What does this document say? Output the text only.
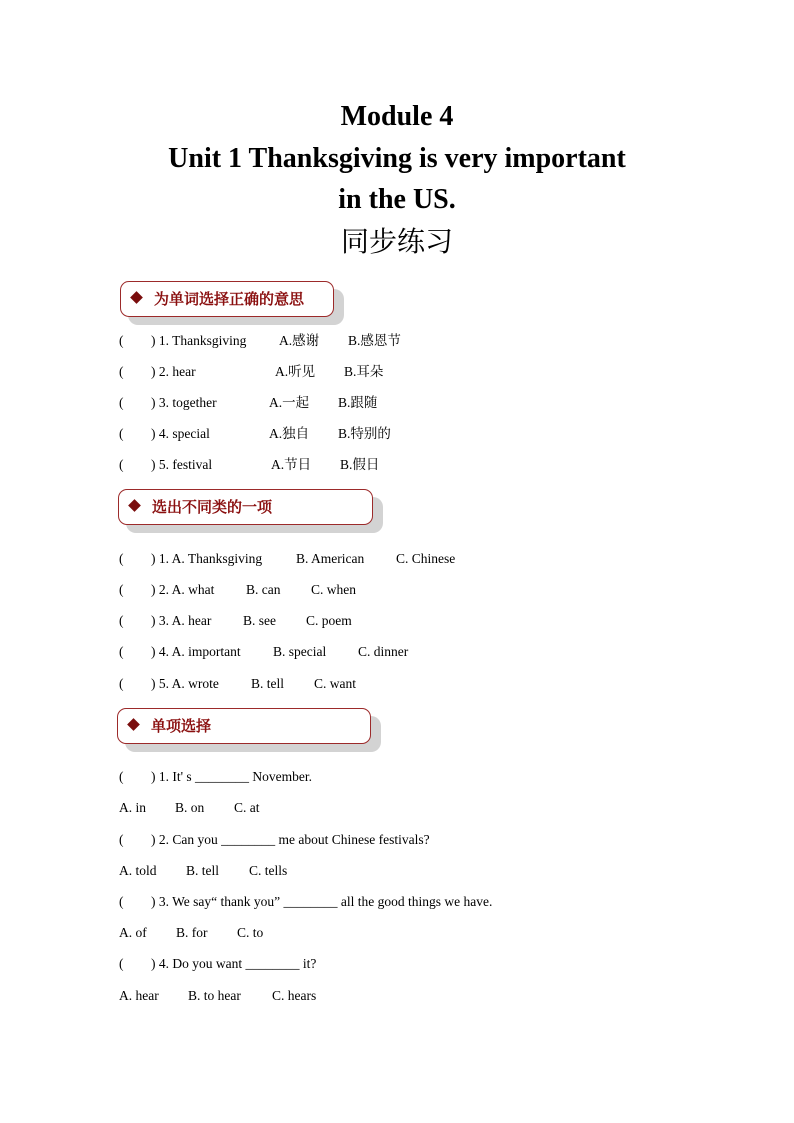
Module 4
Unit 1 Thanksgiving is very important
in the US.
同步练习
为单词选择正确的意思
( ) 1. Thanksgiving A.感谢 B.感恩节
( ) 2. hear	A.听见 B.耳朵
( ) 3. together	A.一起 B.跟随
( ) 4. special	A.独自 B.特别的
( ) 5. festival	A.节日 B.假日
选出不同类的一项
( ) 1. A. Thanksgiving	B. American C. Chinese
( ) 2. A. what B. can C. when
( ) 3. A. hear B. see C. poem
( ) 4. A. important B. special C. dinner
( ) 5. A. wrote B. tell C. want
单项选择
( ) 1. It' s ________ November.
A. in B. on C. at
( ) 2. Can you ________ me about Chinese festivals?
A. told B. tell C. tells
( ) 3. We say“ thank you” ________ all the good things we have.
A. of B. for C. to
( ) 4. Do you want ________ it?
A. hear B. to hear C. hears
